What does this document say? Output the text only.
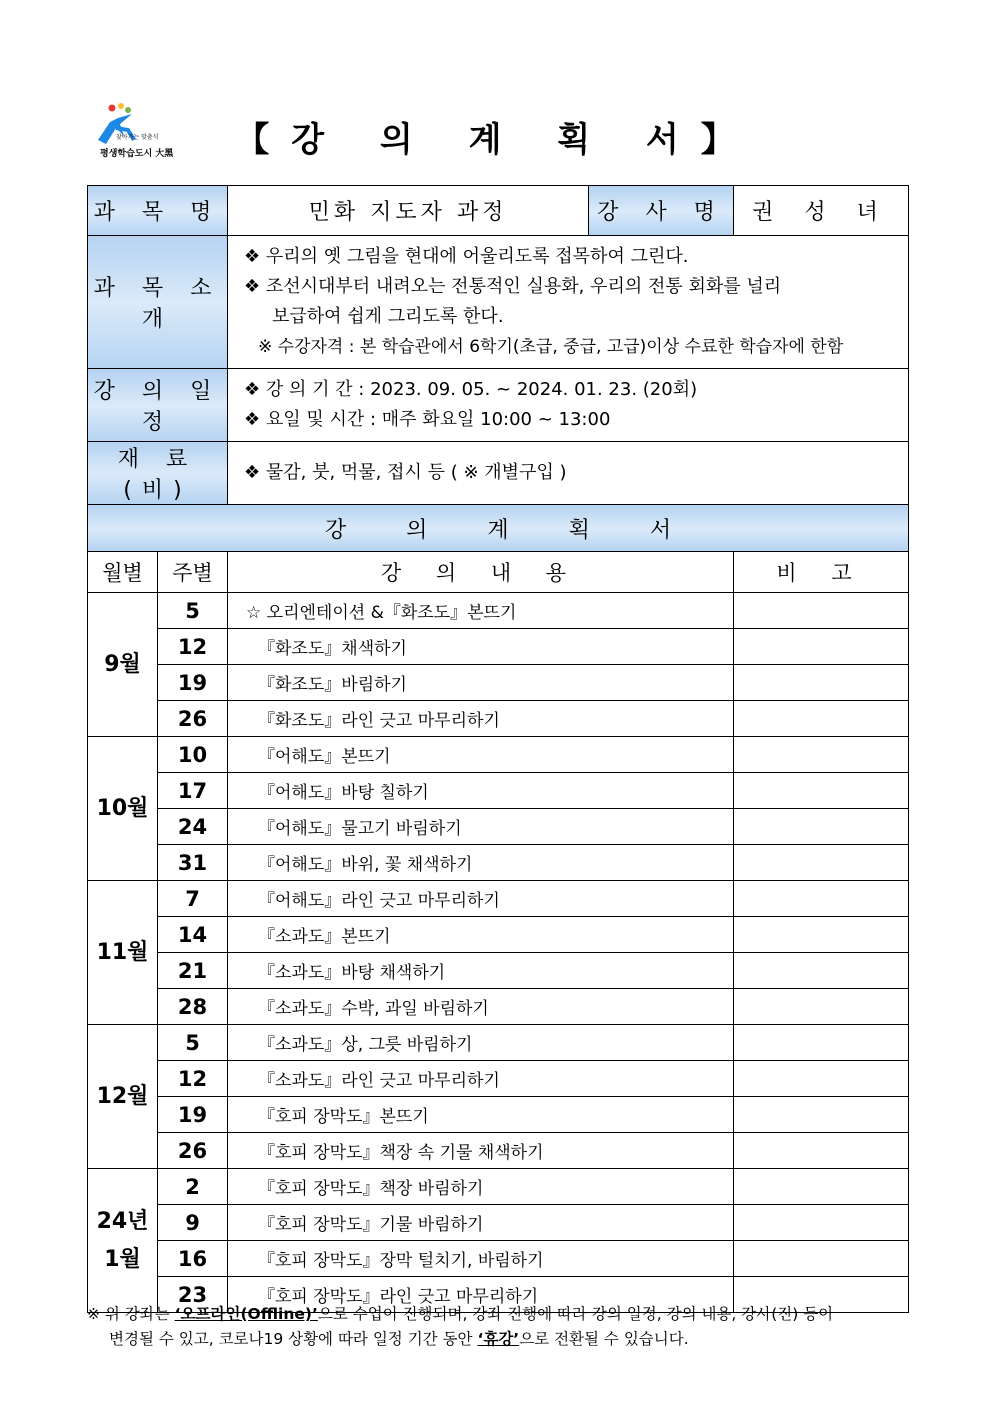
찾아가는 맞춤식
평생학습도시 大黑	【강 의 계 획 서】
과 목 명		민화 지도자 과정	강 사 명	권 성 녀
과 목 소 개		❖ 우리의 옛 그림을 현대에 어울리도록 접목하여 그린다.
❖ 조선시대부터 내려오는 전통적인 실용화, 우리의 전통 회화를 널리
보급하여 쉽게 그리도록 한다.
※ 수강자격 : 본 학습관에서 6학기(초급, 중급, 고급)이상 수료한 학습자에 한함		

강 의 일 정		❖ 강 의 기 간 : 2023. 09. 05. ~ 2024. 01. 23. (20회)
❖ 요일 및 시간 : 매주 화요일 10:00 ~ 13:00		

재 료 (비)		❖ 물감, 붓, 먹물, 접시 등 ( ※ 개별구입 )		
강의계획서				
월별	주별	강 의 내 용		비 고
9월	5	☆ 오리엔테이션 &『화조도』본뜨기		
	12	『화조도』채색하기		
	19	『화조도』바림하기		
	26	『화조도』라인 긋고 마무리하기		
10월	10	『어해도』본뜨기		
	17	『어해도』바탕 칠하기		
	24	『어해도』물고기 바림하기		
	31	『어해도』바위, 꽃 채색하기		
11월	7	『어해도』라인 긋고 마무리하기		
	14	『소과도』본뜨기		
	21	『소과도』바탕 채색하기		
	28	『소과도』수박, 과일 바림하기		
12월	5	『소과도』상, 그릇 바림하기		
	12	『소과도』라인 긋고 마무리하기		
	19	『호피 장막도』본뜨기		
	26	『호피 장막도』책장 속 기물 채색하기		
24년
1월	2	『호피 장막도』책장 바림하기		
	9	『호피 장막도』기물 바림하기		
	16	『호피 장막도』장막 털치기, 바림하기		
	23	『호피 장막도』라인 긋고 마무리하기		
※ 위 강좌는 ‘오프라인(Offline)’으로 수업이 진행되며, 강좌 진행에 따라 강의 일정, 강의 내용, 강사(진) 등이
변경될 수 있고, 코로나19 상황에 따라 일정 기간 동안 ‘휴강’으로 전환될 수 있습니다.
